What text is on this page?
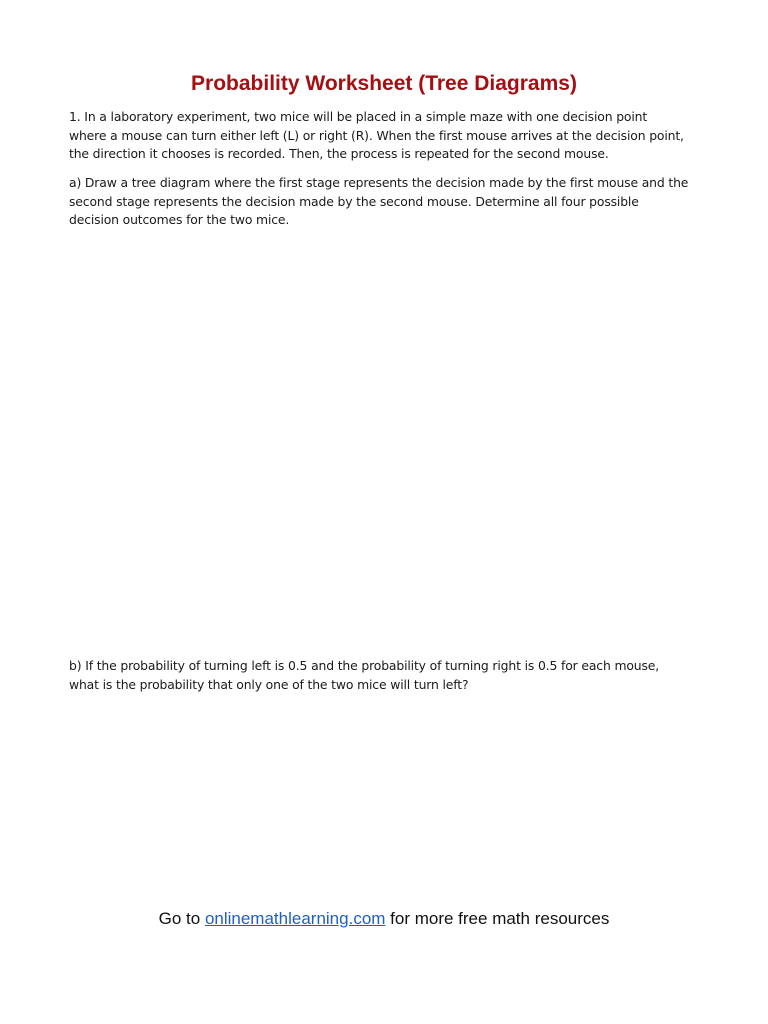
Probability Worksheet (Tree Diagrams)
1. In a laboratory experiment, two mice will be placed in a simple maze with one decision point
where a mouse can turn either left (L) or right (R). When the first mouse arrives at the decision point,
the direction it chooses is recorded. Then, the process is repeated for the second mouse.
a) Draw a tree diagram where the first stage represents the decision made by the first mouse and the
second stage represents the decision made by the second mouse. Determine all four possible
decision outcomes for the two mice.
b) If the probability of turning left is 0.5 and the probability of turning right is 0.5 for each mouse,
what is the probability that only one of the two mice will turn left?
Go to onlinemathlearning.com for more free math resources
